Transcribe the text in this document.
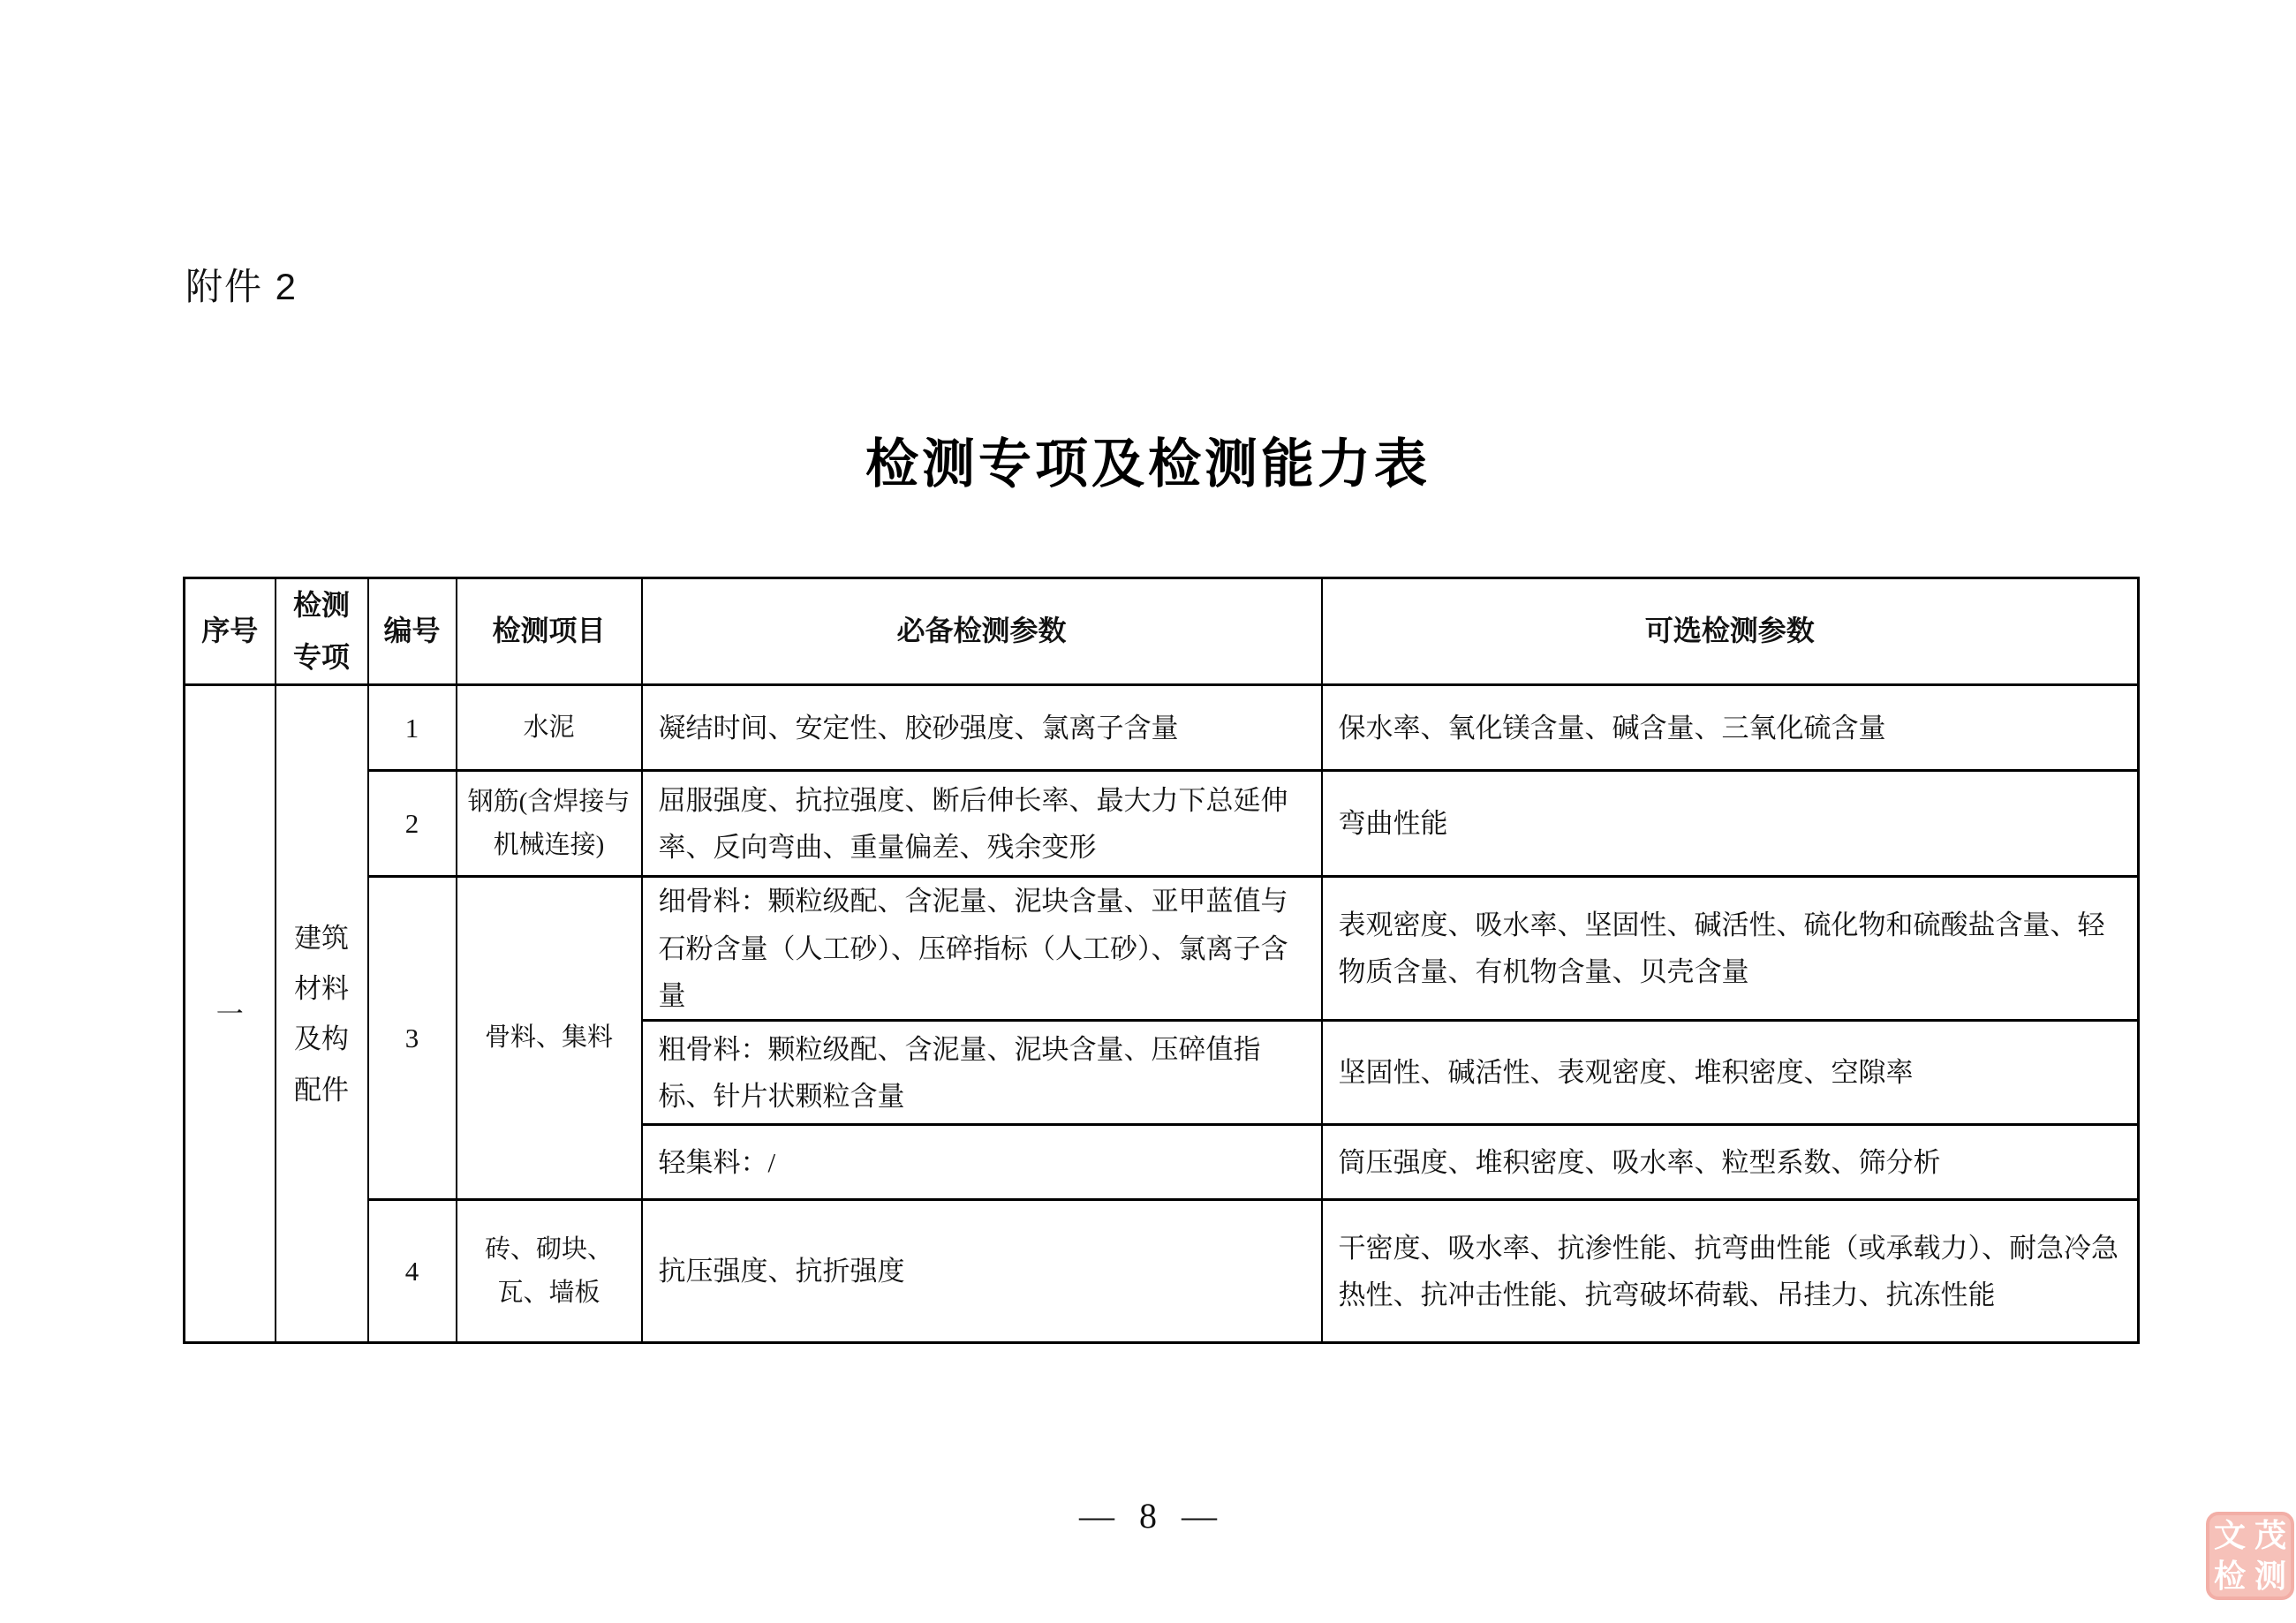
附件 2
检测专项及检测能力表
序号	检测专项	编号	检测项目	必备检测参数	可选检测参数
一	建筑材料及构配件	1	水泥	凝结时间、安定性、胶砂强度、氯离子含量	保水率、氧化镁含量、碱含量、三氧化硫含量
		2	钢筋(含焊接与机械连接)	屈服强度、抗拉强度、断后伸长率、最大力下总延伸率、反向弯曲、重量偏差、残余变形	弯曲性能
		3	骨料、集料	细骨料：颗粒级配、含泥量、泥块含量、亚甲蓝值与石粉含量（人工砂）、压碎指标（人工砂）、氯离子含量	表观密度、吸水率、坚固性、碱活性、硫化物和硫酸盐含量、轻物质含量、有机物含量、贝壳含量
				粗骨料：颗粒级配、含泥量、泥块含量、压碎值指标、针片状颗粒含量	坚固性、碱活性、表观密度、堆积密度、空隙率
				轻集料：/	筒压强度、堆积密度、吸水率、粒型系数、筛分析
		4	砖、砌块、瓦、墙板	抗压强度、抗折强度	干密度、吸水率、抗渗性能、抗弯曲性能（或承载力）、耐急冷急热性、抗冲击性能、抗弯破坏荷载、吊挂力、抗冻性能
— 8 —	文 茂
检 测
